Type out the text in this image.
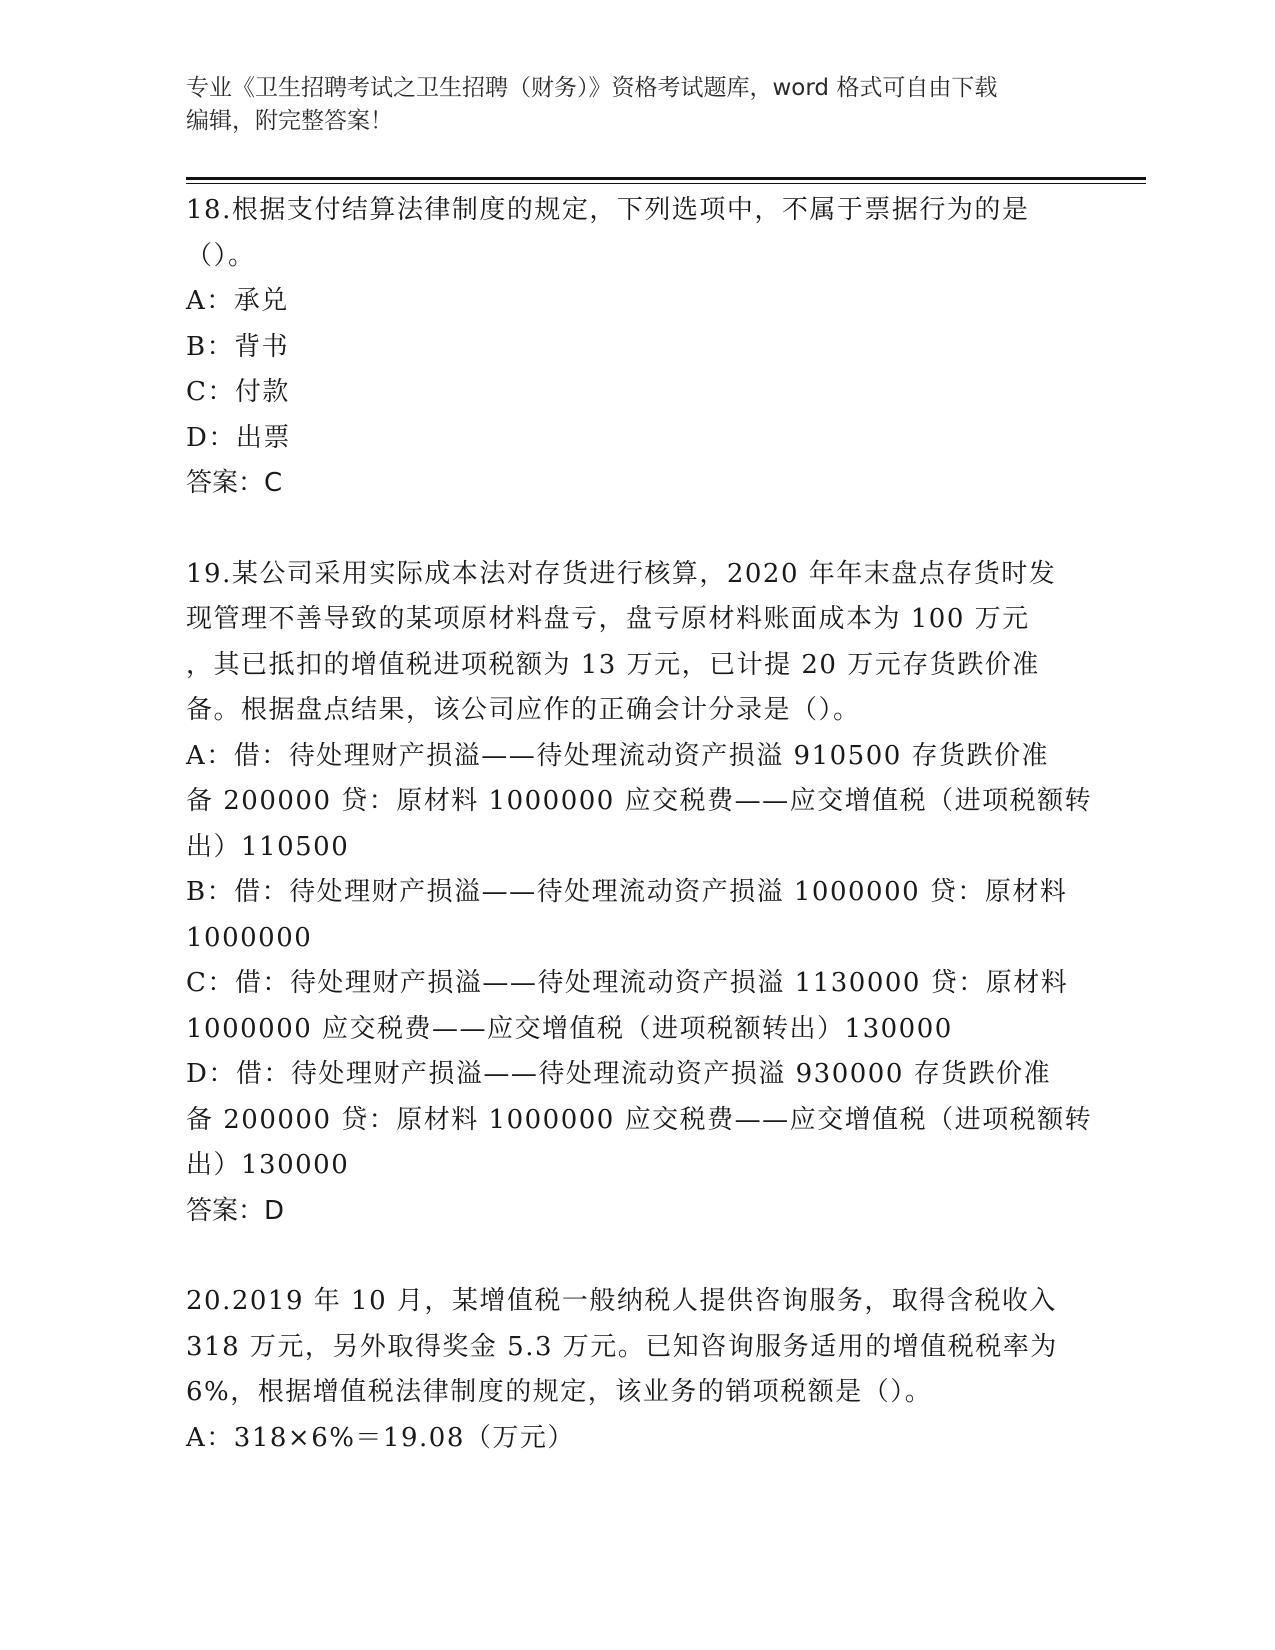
专业《卫生招聘考试之卫生招聘（财务）》资格考试题库，word 格式可自由下载
编辑，附完整答案！
18.根据支付结算法律制度的规定，下列选项中，不属于票据行为的是
（）。
A：承兑
B：背书
C：付款
D：出票
答案：C
19.某公司采用实际成本法对存货进行核算，2020 年年末盘点存货时发
现管理不善导致的某项原材料盘亏，盘亏原材料账面成本为 100 万元
，其已抵扣的增值税进项税额为 13 万元，已计提 20 万元存货跌价准
备。根据盘点结果，该公司应作的正确会计分录是（）。
A：借：待处理财产损溢——待处理流动资产损溢 910500 存货跌价准
备 200000 贷：原材料 1000000 应交税费——应交增值税（进项税额转
出）110500
B：借：待处理财产损溢——待处理流动资产损溢 1000000 贷：原材料
1000000
C：借：待处理财产损溢——待处理流动资产损溢 1130000 贷：原材料
1000000 应交税费——应交增值税（进项税额转出）130000
D：借：待处理财产损溢——待处理流动资产损溢 930000 存货跌价准
备 200000 贷：原材料 1000000 应交税费——应交增值税（进项税额转
出）130000
答案：D
20.2019 年 10 月，某增值税一般纳税人提供咨询服务，取得含税收入
318 万元，另外取得奖金 5.3 万元。已知咨询服务适用的增值税税率为
6%，根据增值税法律制度的规定，该业务的销项税额是（）。
A：318×6%＝19.08（万元）
